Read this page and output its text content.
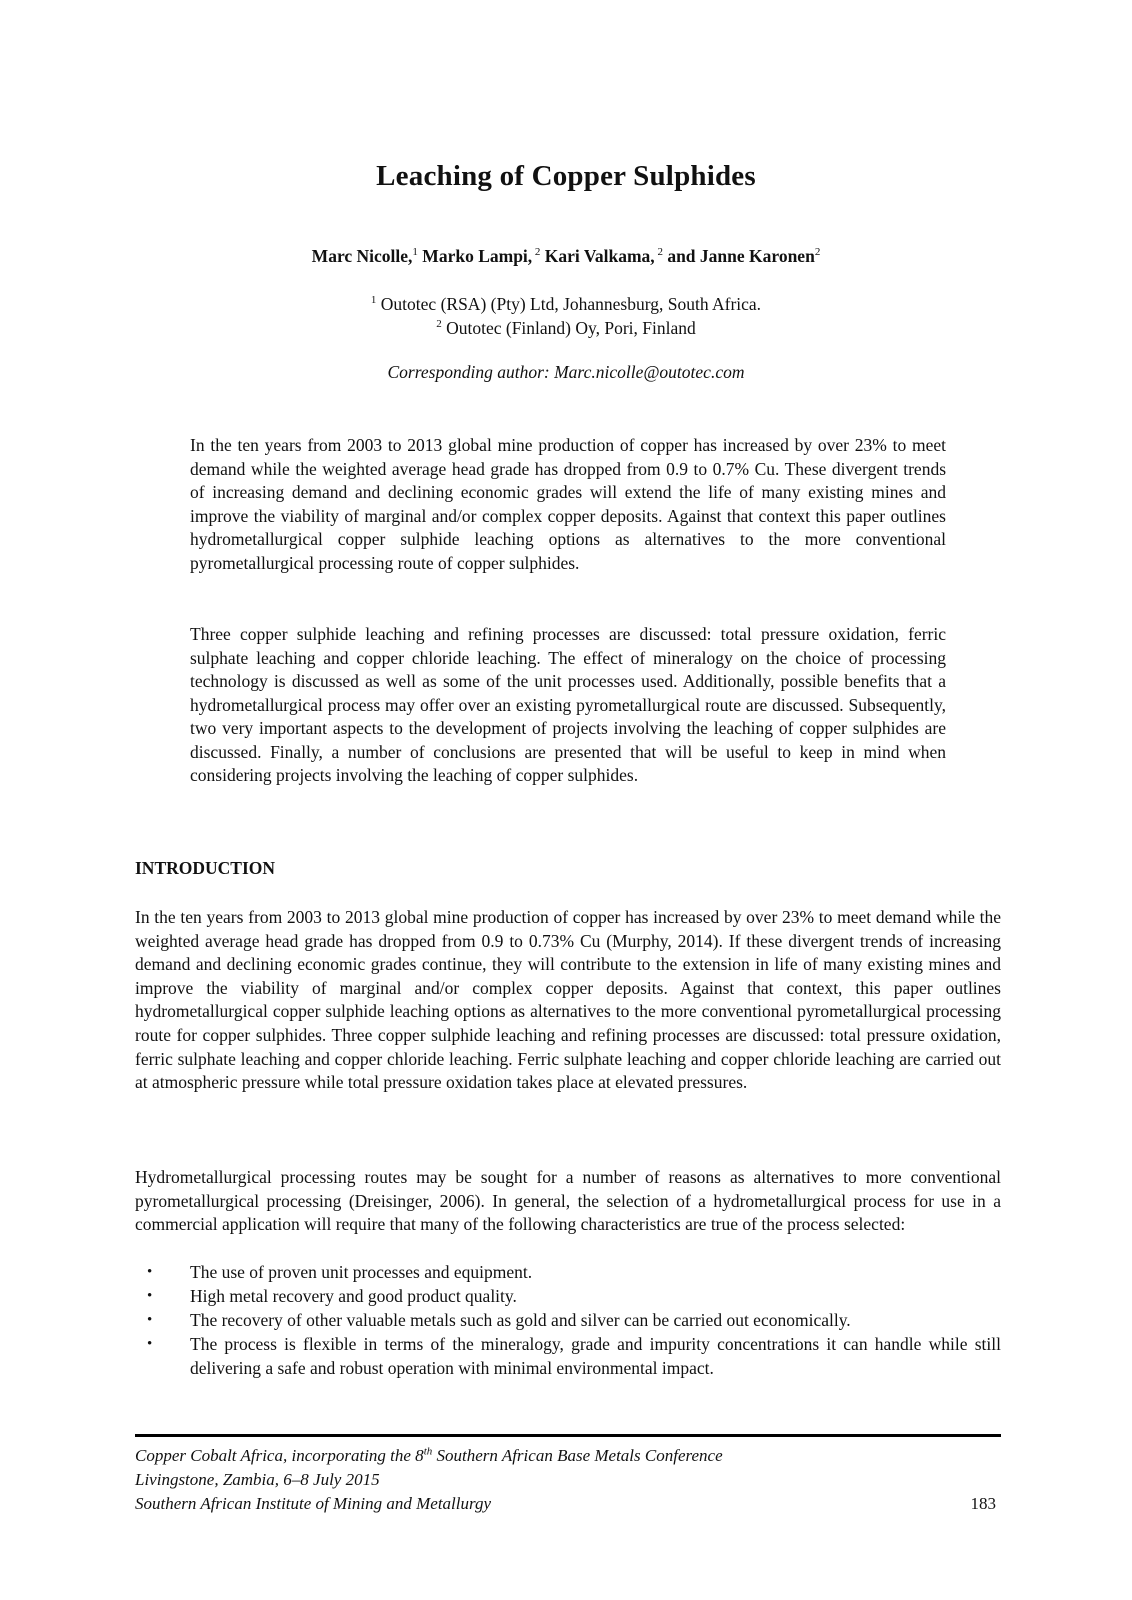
Leaching of Copper Sulphides
Marc Nicolle,$^1$ Marko Lampi, $^2$ Kari Valkama, $^2$ and Janne Karonen$^2$
$^1$ Outotec (RSA) (Pty) Ltd, Johannesburg, South Africa.
$^2$ Outotec (Finland) Oy, Pori, Finland
Corresponding author: Marc.nicolle@outotec.com

In the ten years from 2003 to 2013 global mine production of copper has increased by over 23% to meet demand while the weighted average head grade has dropped from 0.9 to 0.7% Cu. These divergent trends of increasing demand and declining economic grades will extend the life of many existing mines and improve the viability of marginal and/or complex copper deposits. Against that context this paper outlines hydrometallurgical copper sulphide leaching options as alternatives to the more conventional pyrometallurgical processing route of copper sulphides.

Three copper sulphide leaching and refining processes are discussed: total pressure oxidation, ferric sulphate leaching and copper chloride leaching. The effect of mineralogy on the choice of processing technology is discussed as well as some of the unit processes used. Additionally, possible benefits that a hydrometallurgical process may offer over an existing pyrometallurgical route are discussed. Subsequently, two very important aspects to the development of projects involving the leaching of copper sulphides are discussed. Finally, a number of conclusions are presented that will be useful to keep in mind when considering projects involving the leaching of copper sulphides.

INTRODUCTION

In the ten years from 2003 to 2013 global mine production of copper has increased by over 23% to meet demand while the weighted average head grade has dropped from 0.9 to 0.73% Cu (Murphy, 2014). If these divergent trends of increasing demand and declining economic grades continue, they will contribute to the extension in life of many existing mines and improve the viability of marginal and/or complex copper deposits. Against that context, this paper outlines hydrometallurgical copper sulphide leaching options as alternatives to the more conventional pyrometallurgical processing route for copper sulphides. Three copper sulphide leaching and refining processes are discussed: total pressure oxidation, ferric sulphate leaching and copper chloride leaching. Ferric sulphate leaching and copper chloride leaching are carried out at atmospheric pressure while total pressure oxidation takes place at elevated pressures.

Hydrometallurgical processing routes may be sought for a number of reasons as alternatives to more conventional pyrometallurgical processing (Dreisinger, 2006). In general, the selection of a hydrometallurgical process for use in a commercial application will require that many of the following characteristics are true of the process selected:

• The use of proven unit processes and equipment.
• High metal recovery and good product quality.
• The recovery of other valuable metals such as gold and silver can be carried out economically.
• The process is flexible in terms of the mineralogy, grade and impurity concentrations it can handle while still delivering a safe and robust operation with minimal environmental impact.
Copper Cobalt Africa, incorporating the 8th Southern African Base Metals Conference
Livingstone, Zambia, 6–8 July 2015
Southern African Institute of Mining and Metallurgy	183
